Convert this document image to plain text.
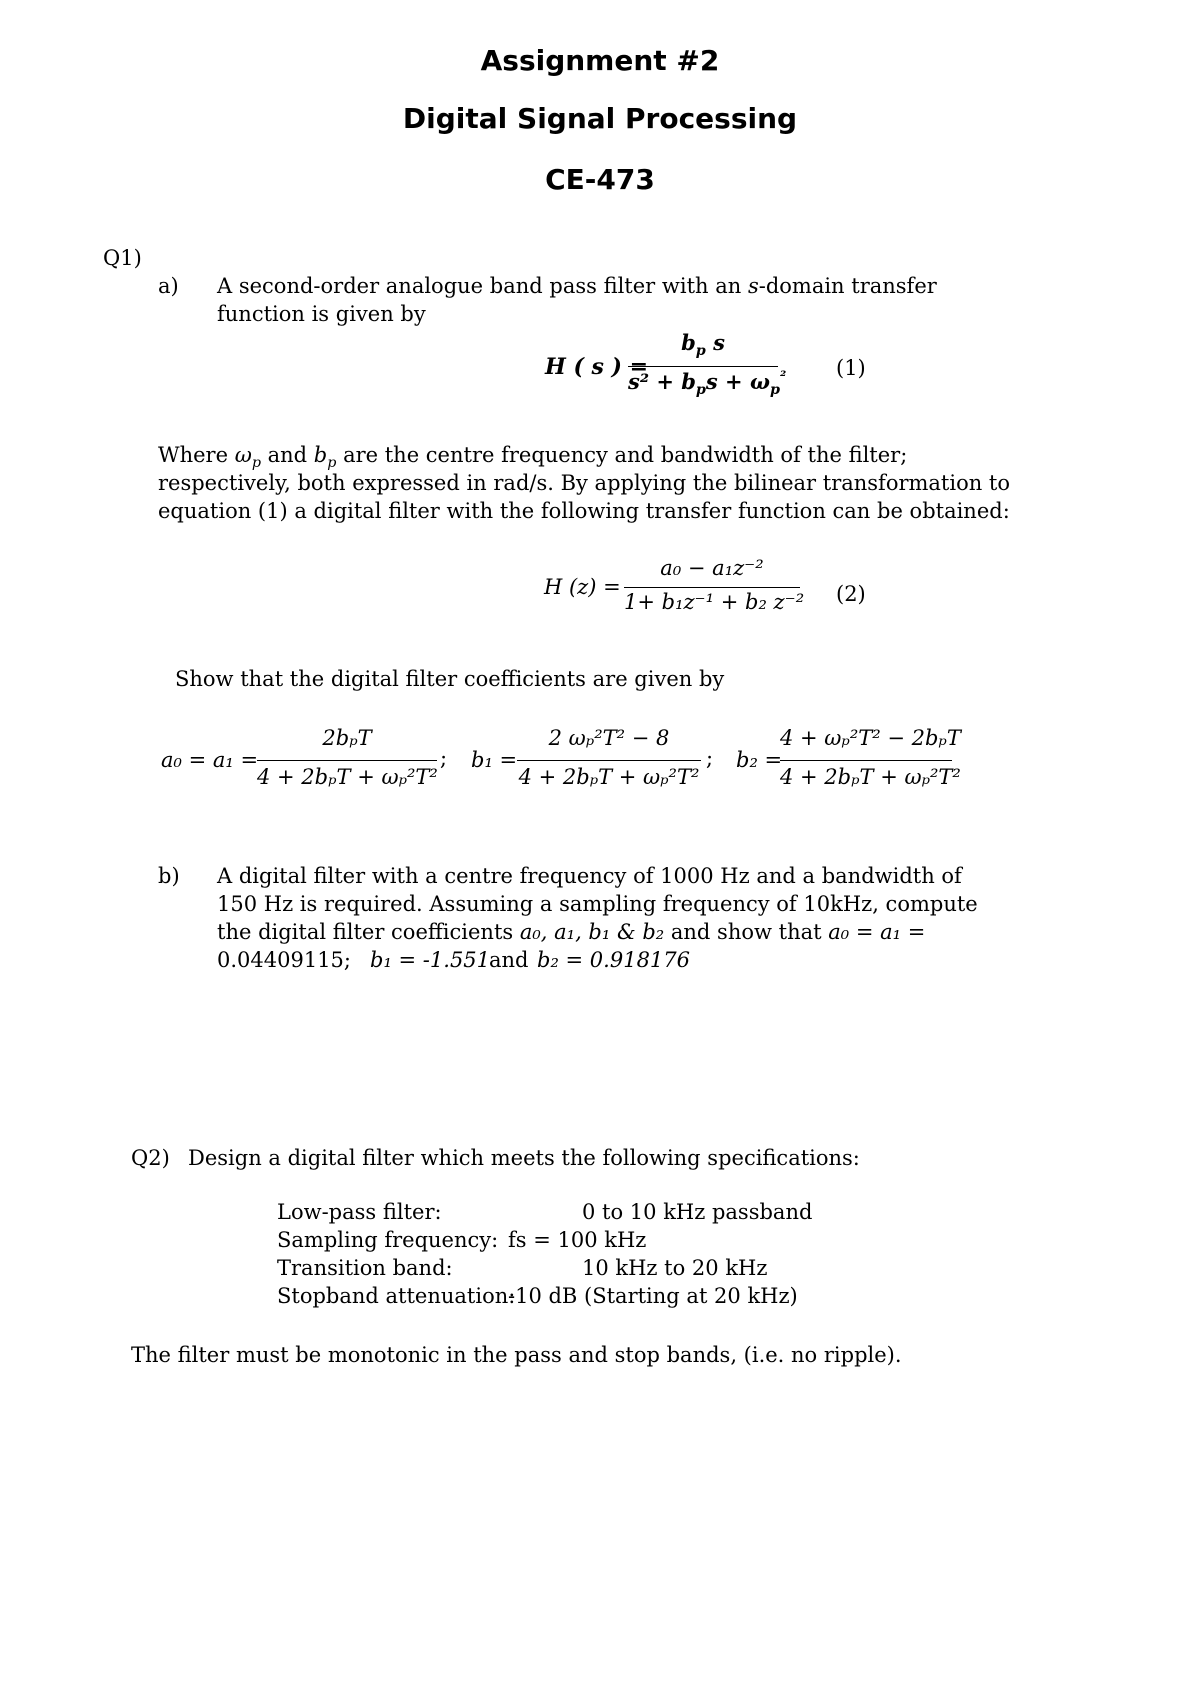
Assignment #2
Digital Signal Processing
CE-473
Q1)
a) A second-order analogue band pass filter with an s-domain transfer
function is given by
H ( s ) =
$b_p$ s
$s^2 + b_ps + \omega_p^{^2}$ (1)
Where $\omega_p$ and $b_p$ are the centre frequency and bandwidth of the filter;
respectively, both expressed in rad/s. By applying the bilinear transformation to
equation (1) a digital filter with the following transfer function can be obtained:
H (z) =
a₀ − a₁z⁻²
1+ b₁z⁻¹ + b₂ z⁻² (2)
Show that the digital filter coefficients are given by
a₀ = a₁ =
2bₚT
4 + 2bₚT + ωₚ²T²
; b₁ =
2 ωₚ²T² − 8
4 + 2bₚT + ωₚ²T²
; b₂ =
4 + ωₚ²T² − 2bₚT
4 + 2bₚT + ωₚ²T²
b) A digital filter with a centre frequency of 1000 Hz and a bandwidth of
150 Hz is required. Assuming a sampling frequency of 10kHz, compute
the digital filter coefficients a₀, a₁, b₁ & b₂ and show that a₀ = a₁ =
0.04409115; b₁ = -1.551
and b₂ = 0.918176
Q2) Design a digital filter which meets the following specifications:
Low-pass filter:	0 to 10 kHz passband
Sampling frequency: fs = 100 kHz
Transition band:	10 kHz to 20 kHz
Stopband attenuation:
-10 dB (Starting at 20 kHz)
The filter must be monotonic in the pass and stop bands, (i.e. no ripple).
